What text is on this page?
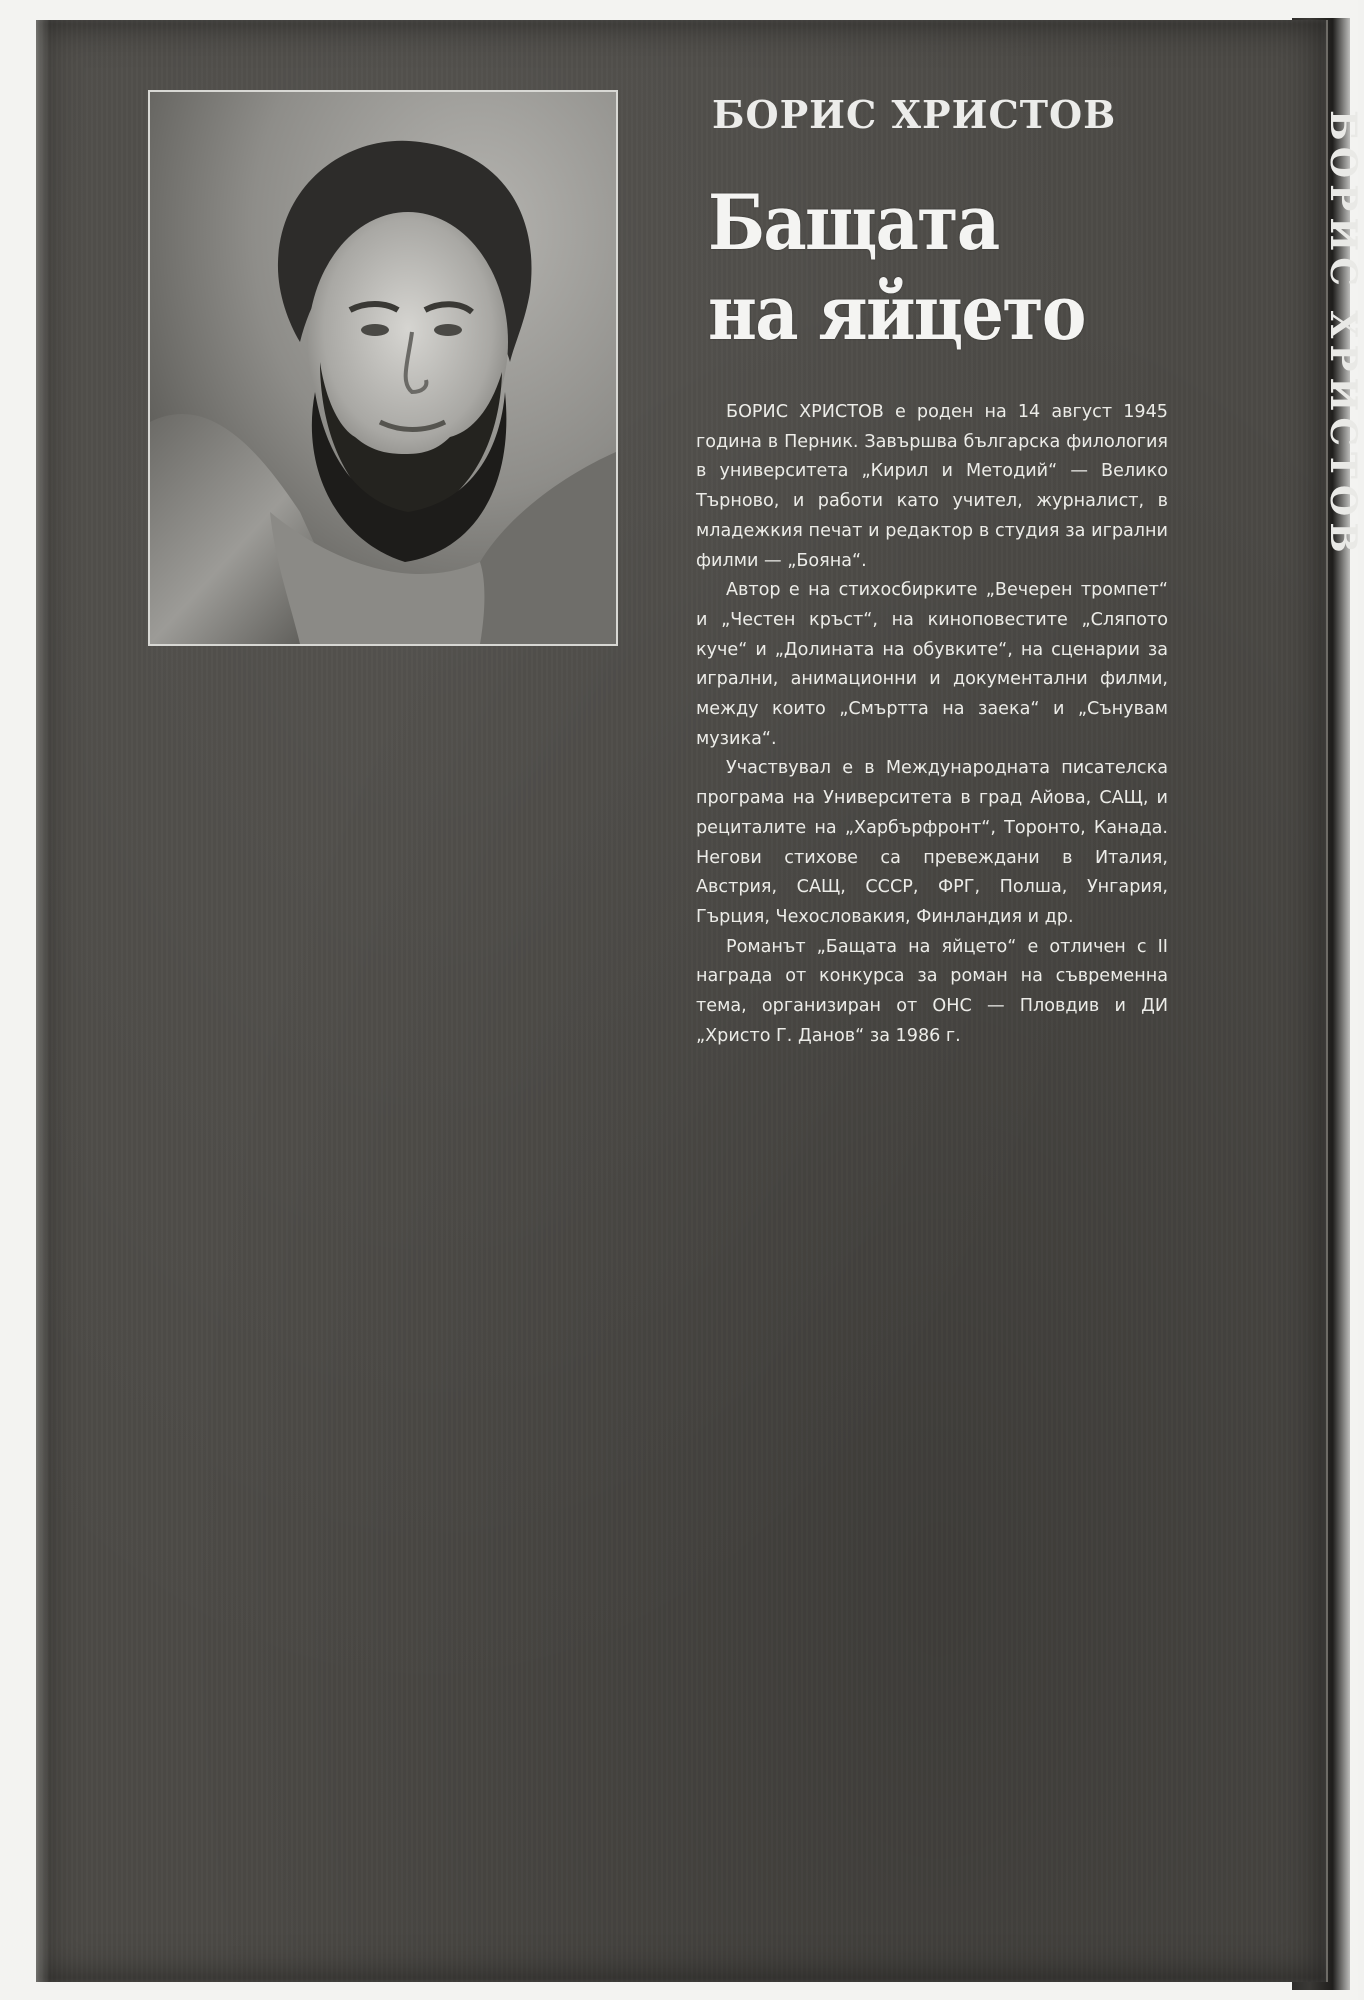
БОРИС ХРИСТОВ
Бащата
на яйцето

БОРИС ХРИСТОВ е роден на 14 август 1945 година в Перник. Завършва българска филология в университета „Кирил и Методий“ — Велико Търново, и работи като учител, журналист, в младежкия печат и редактор в студия за игрални филми — „Бояна“.

Автор е на стихосбирките „Вечерен тромпет“ и „Честен кръст“, на киноповестите „Сляпото куче“ и „Долината на обувките“, на сценарии за игрални, анимационни и документални филми, между които „Смъртта на заека“ и „Сънувам музика“.

Участвувал е в Международната писателска програма на Университета в град Айова, САЩ, и рециталите на „Харбърфронт“, Торонто, Канада. Негови стихове са превеждани в Италия, Австрия, САЩ, СССР, ФРГ, Полша, Унгария, Гърция, Чехословакия, Финландия и др.

Романът „Бащата на яйцето“ е отличен с II награда от конкурса за роман на съвременна тема, организиран от ОНС — Пловдив и ДИ „Христо Г. Данов“ за 1986 г.

БОРИС ХРИСТОВ
